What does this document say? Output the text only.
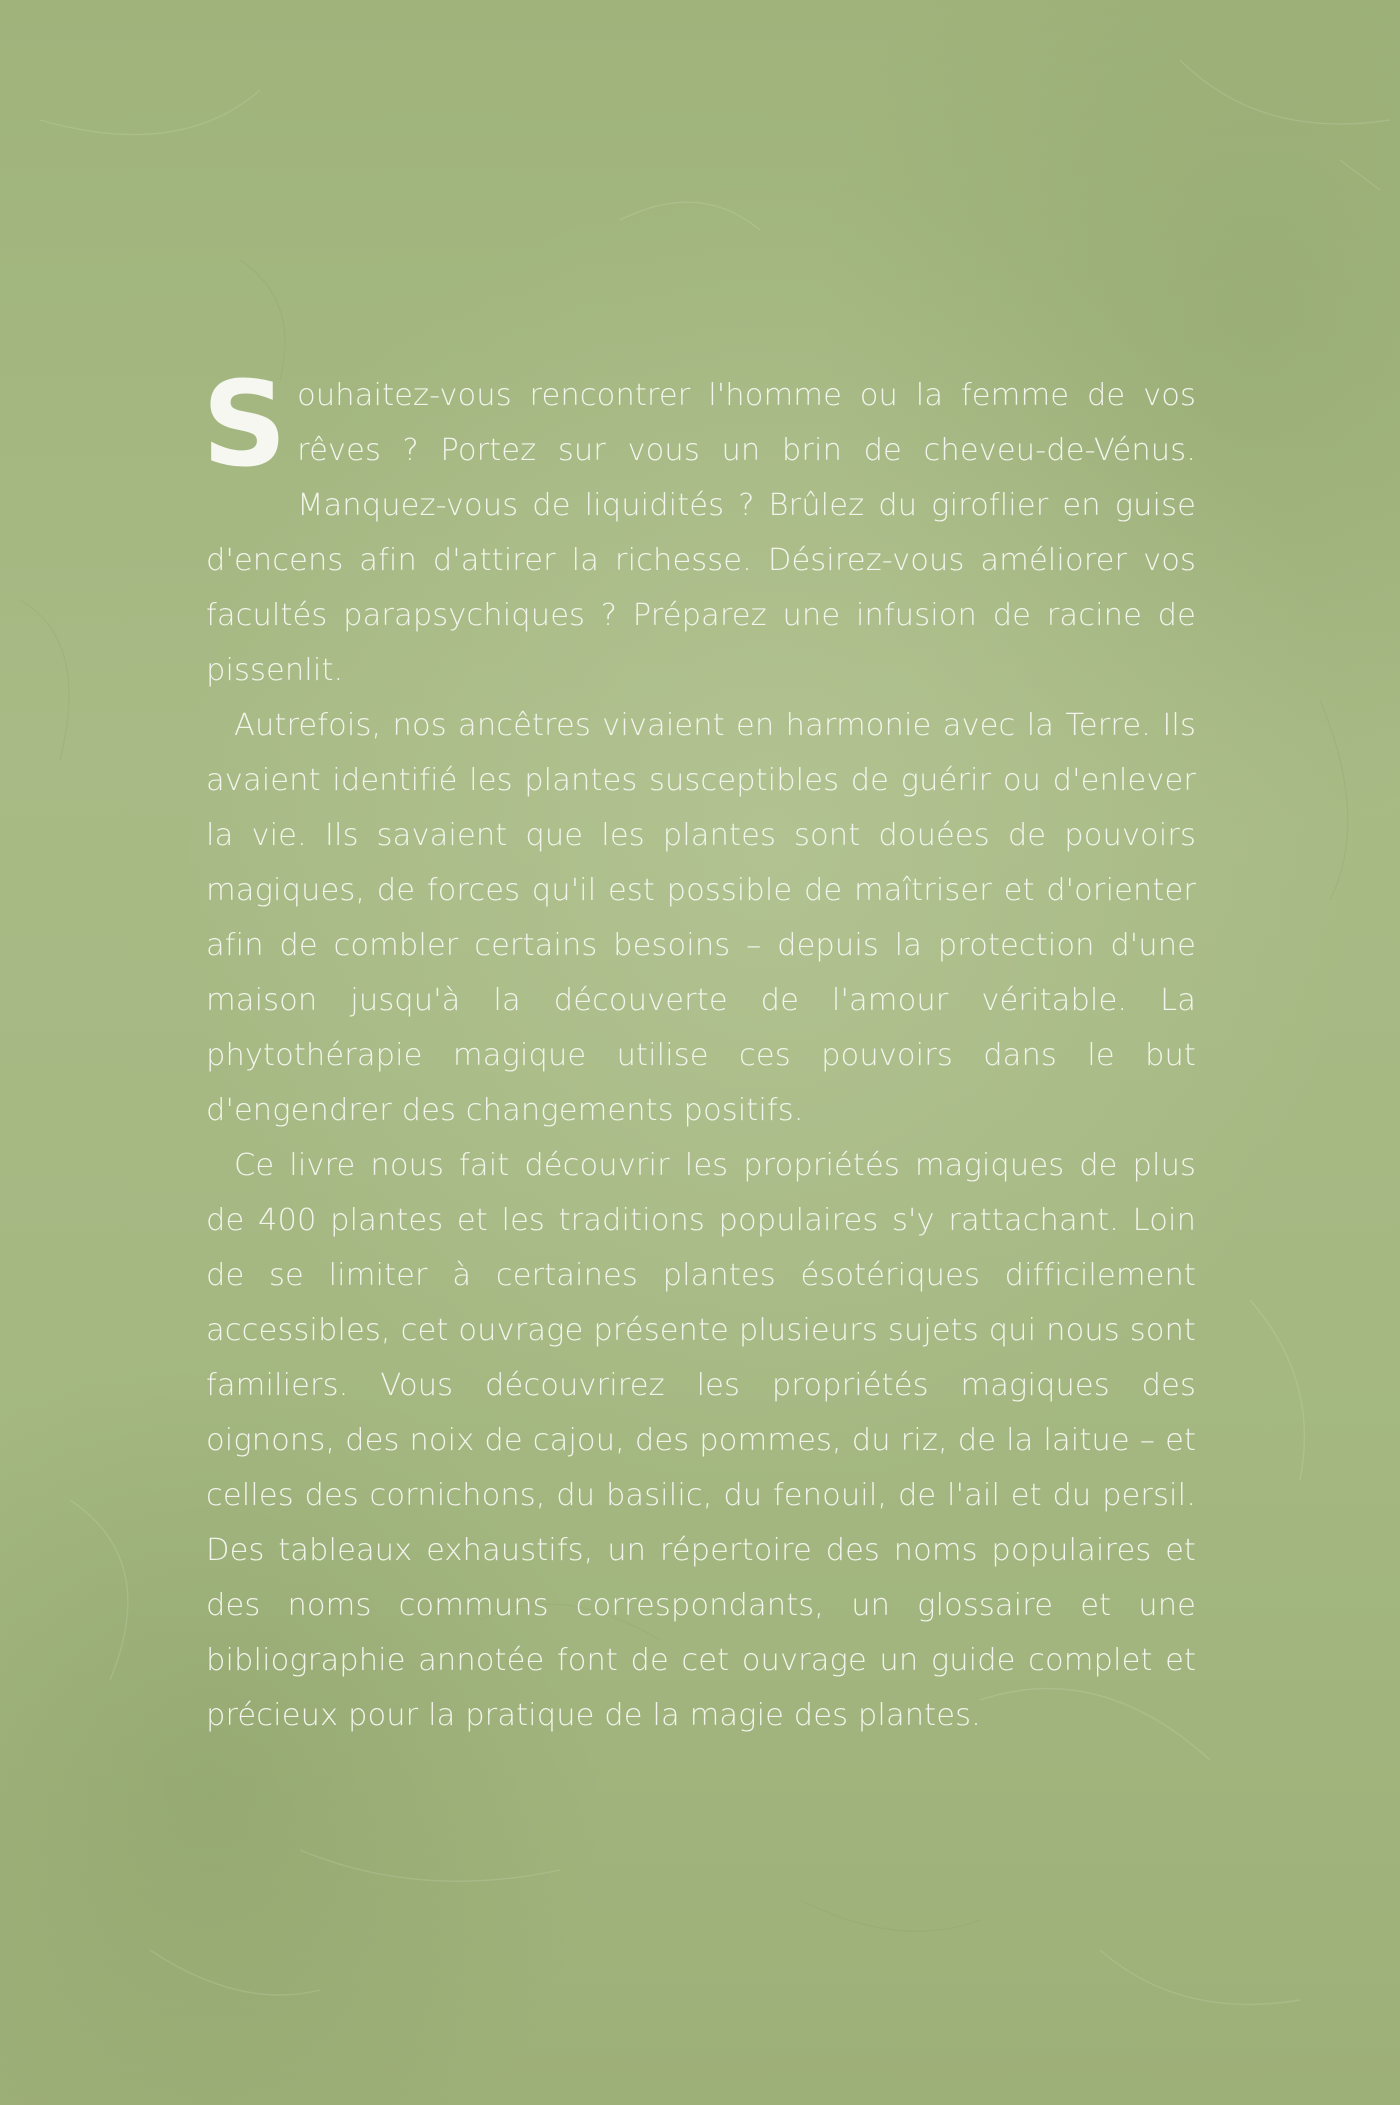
Souhaitez-vous rencontrer l'homme ou la femme de vos rêves ? Portez sur vous un brin de cheveu-de-Vénus. Manquez-vous de liquidités ? Brûlez du giroflier en guise d'encens afin d'attirer la richesse. Désirez-vous améliorer vos facultés parapsychiques ? Préparez une infusion de racine de pissenlit.

Autrefois, nos ancêtres vivaient en harmonie avec la Terre. Ils avaient identifié les plantes susceptibles de guérir ou d'enlever la vie. Ils savaient que les plantes sont douées de pouvoirs magiques, de forces qu'il est possible de maîtriser et d'orienter afin de combler certains besoins – depuis la protection d'une maison jusqu'à la découverte de l'amour véritable. La phytothérapie magique utilise ces pouvoirs dans le but d'engendrer des changements positifs.

Ce livre nous fait découvrir les propriétés magiques de plus de 400 plantes et les traditions populaires s'y rattachant. Loin de se limiter à certaines plantes ésotériques difficilement accessibles, cet ouvrage présente plusieurs sujets qui nous sont familiers. Vous découvrirez les propriétés magiques des oignons, des noix de cajou, des pommes, du riz, de la laitue – et celles des cornichons, du basilic, du fenouil, de l'ail et du persil. Des tableaux exhaustifs, un répertoire des noms populaires et des noms communs correspondants, un glossaire et une bibliographie annotée font de cet ouvrage un guide complet et précieux pour la pratique de la magie des plantes.
